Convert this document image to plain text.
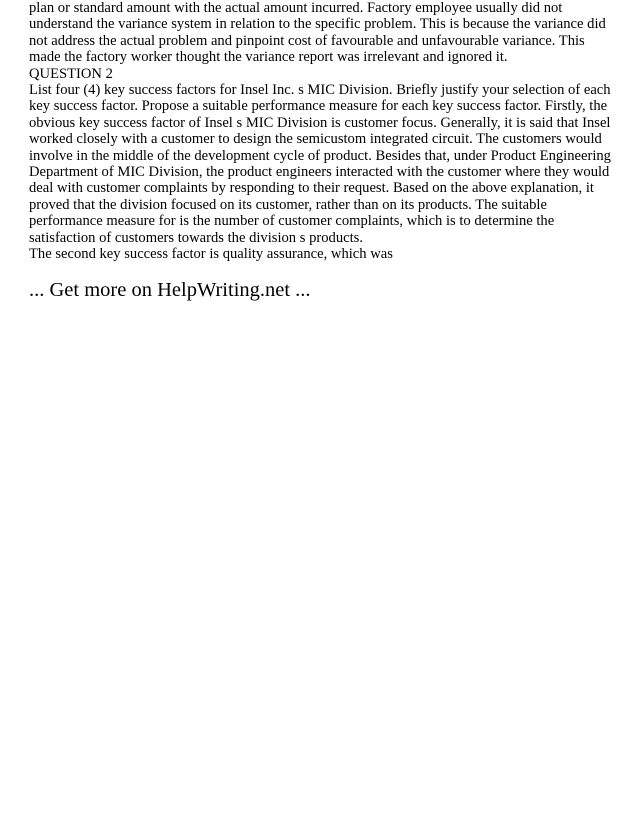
plan or standard amount with the actual amount incurred. Factory employee usually did not understand the variance system in relation to the specific problem. This is because the variance did not address the actual problem and pinpoint cost of favourable and unfavourable variance. This made the factory worker thought the variance report was irrelevant and ignored it.

QUESTION 2

List four (4) key success factors for Insel Inc. s MIC Division. Briefly justify your selection of each key success factor. Propose a suitable performance measure for each key success factor. Firstly, the obvious key success factor of Insel s MIC Division is customer focus. Generally, it is said that Insel worked closely with a customer to design the semicustom integrated circuit. The customers would involve in the middle of the development cycle of product. Besides that, under Product Engineering Department of MIC Division, the product engineers interacted with the customer where they would deal with customer complaints by responding to their request. Based on the above explanation, it proved that the division focused on its customer, rather than on its products. The suitable performance measure for is the number of customer complaints, which is to determine the satisfaction of customers towards the division s products.

The second key success factor is quality assurance, which was

... Get more on HelpWriting.net ...
